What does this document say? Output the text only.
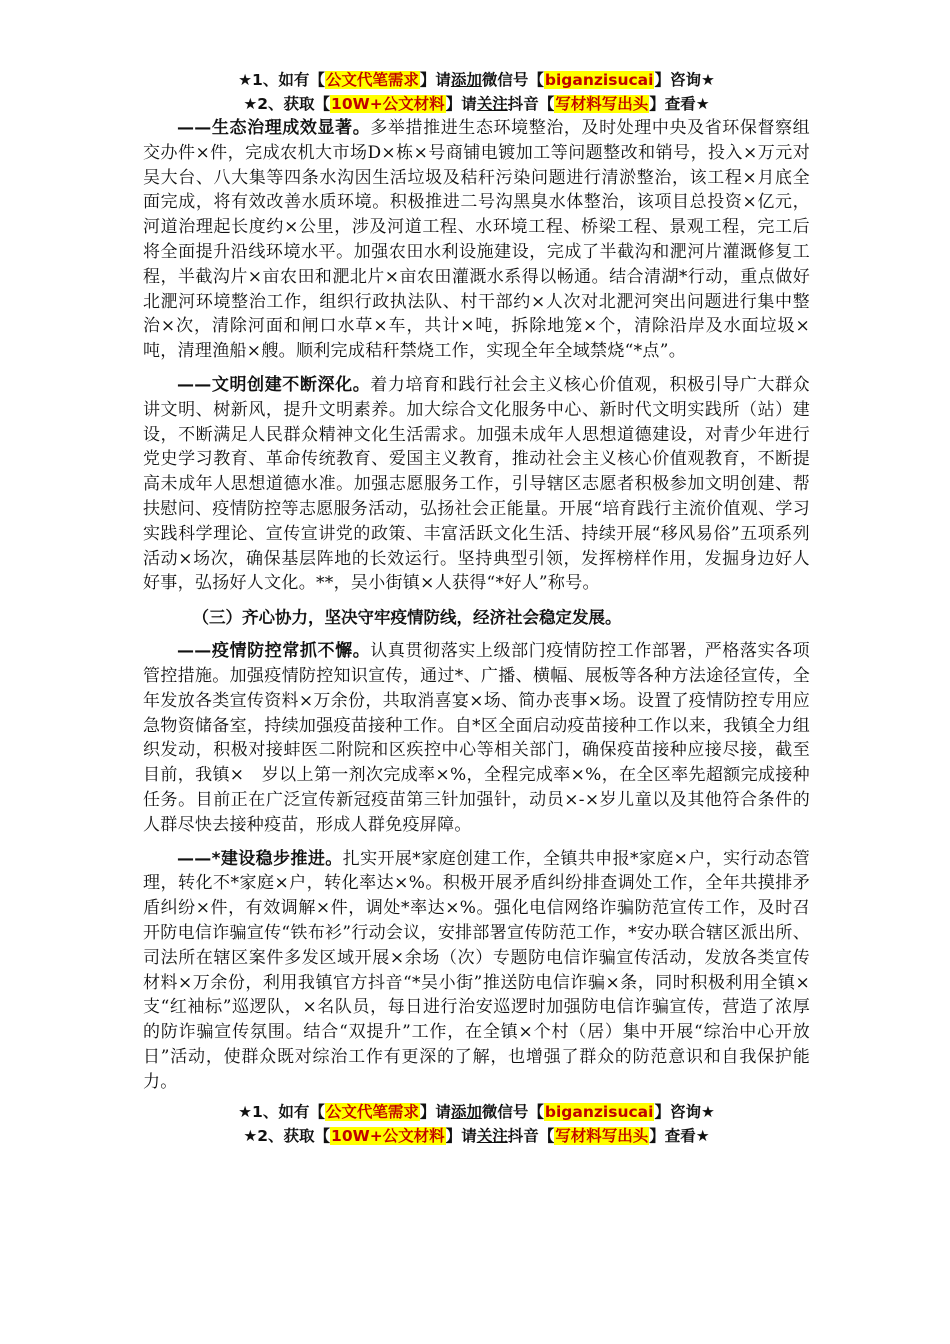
★1、如有【公文代笔需求】请添加微信号【biganzisucai】咨询★
★2、获取【10W+公文材料】请关注抖音【写材料写出头】查看★

——生态治理成效显著。多举措推进生态环境整治，及时处理中央及省环保督察组交办件×件，完成农机大市场D×栋×号商铺电镀加工等问题整改和销号，投入×万元对吴大台、八大集等四条水沟因生活垃圾及秸秆污染问题进行清淤整治，该工程×月底全面完成，将有效改善水质环境。积极推进二号沟黑臭水体整治，该项目总投资×亿元，河道治理起长度约×公里，涉及河道工程、水环境工程、桥梁工程、景观工程，完工后将全面提升沿线环境水平。加强农田水利设施建设，完成了半截沟和淝河片灌溉修复工程，半截沟片×亩农田和淝北片×亩农田灌溉水系得以畅通。结合清湖*行动，重点做好北淝河环境整治工作，组织行政执法队、村干部约×人次对北淝河突出问题进行集中整治×次，清除河面和闸口水草×车，共计×吨，拆除地笼×个，清除沿岸及水面垃圾×吨，清理渔船×艘。顺利完成秸秆禁烧工作，实现全年全域禁烧“*点”。

——文明创建不断深化。着力培育和践行社会主义核心价值观，积极引导广大群众讲文明、树新风，提升文明素养。加大综合文化服务中心、新时代文明实践所（站）建设，不断满足人民群众精神文化生活需求。加强未成年人思想道德建设，对青少年进行党史学习教育、革命传统教育、爱国主义教育，推动社会主义核心价值观教育，不断提高未成年人思想道德水准。加强志愿服务工作，引导辖区志愿者积极参加文明创建、帮扶慰问、疫情防控等志愿服务活动，弘扬社会正能量。开展“培育践行主流价值观、学习实践科学理论、宣传宣讲党的政策、丰富活跃文化生活、持续开展“移风易俗”五项系列活动×场次，确保基层阵地的长效运行。坚持典型引领，发挥榜样作用，发掘身边好人好事，弘扬好人文化。**，吴小街镇×人获得“*好人”称号。

（三）齐心协力，坚决守牢疫情防线，经济社会稳定发展。

——疫情防控常抓不懈。认真贯彻落实上级部门疫情防控工作部署，严格落实各项管控措施。加强疫情防控知识宣传，通过*、广播、横幅、展板等各种方法途径宣传，全年发放各类宣传资料×万余份，共取消喜宴×场、简办丧事×场。设置了疫情防控专用应急物资储备室，持续加强疫苗接种工作。自*区全面启动疫苗接种工作以来，我镇全力组织发动，积极对接蚌医二附院和区疾控中心等相关部门，确保疫苗接种应接尽接，截至目前，我镇×　岁以上第一剂次完成率×%，全程完成率×%，在全区率先超额完成接种任务。目前正在广泛宣传新冠疫苗第三针加强针，动员×-×岁儿童以及其他符合条件的人群尽快去接种疫苗，形成人群免疫屏障。

——*建设稳步推进。扎实开展*家庭创建工作，全镇共申报*家庭×户，实行动态管理，转化不*家庭×户，转化率达×%。积极开展矛盾纠纷排查调处工作，全年共摸排矛盾纠纷×件，有效调解×件，调处*率达×%。强化电信网络诈骗防范宣传工作，及时召开防电信诈骗宣传“铁布衫”行动会议，安排部署宣传防范工作，*安办联合辖区派出所、司法所在辖区案件多发区域开展×余场（次）专题防电信诈骗宣传活动，发放各类宣传材料×万余份，利用我镇官方抖音“*吴小街”推送防电信诈骗×条，同时积极利用全镇×支“红袖标”巡逻队，×名队员，每日进行治安巡逻时加强防电信诈骗宣传，营造了浓厚的防诈骗宣传氛围。结合“双提升”工作，在全镇×个村（居）集中开展“综治中心开放日”活动，使群众既对综治工作有更深的了解，也增强了群众的防范意识和自我保护能力。

★1、如有【公文代笔需求】请添加微信号【biganzisucai】咨询★
★2、获取【10W+公文材料】请关注抖音【写材料写出头】查看★
